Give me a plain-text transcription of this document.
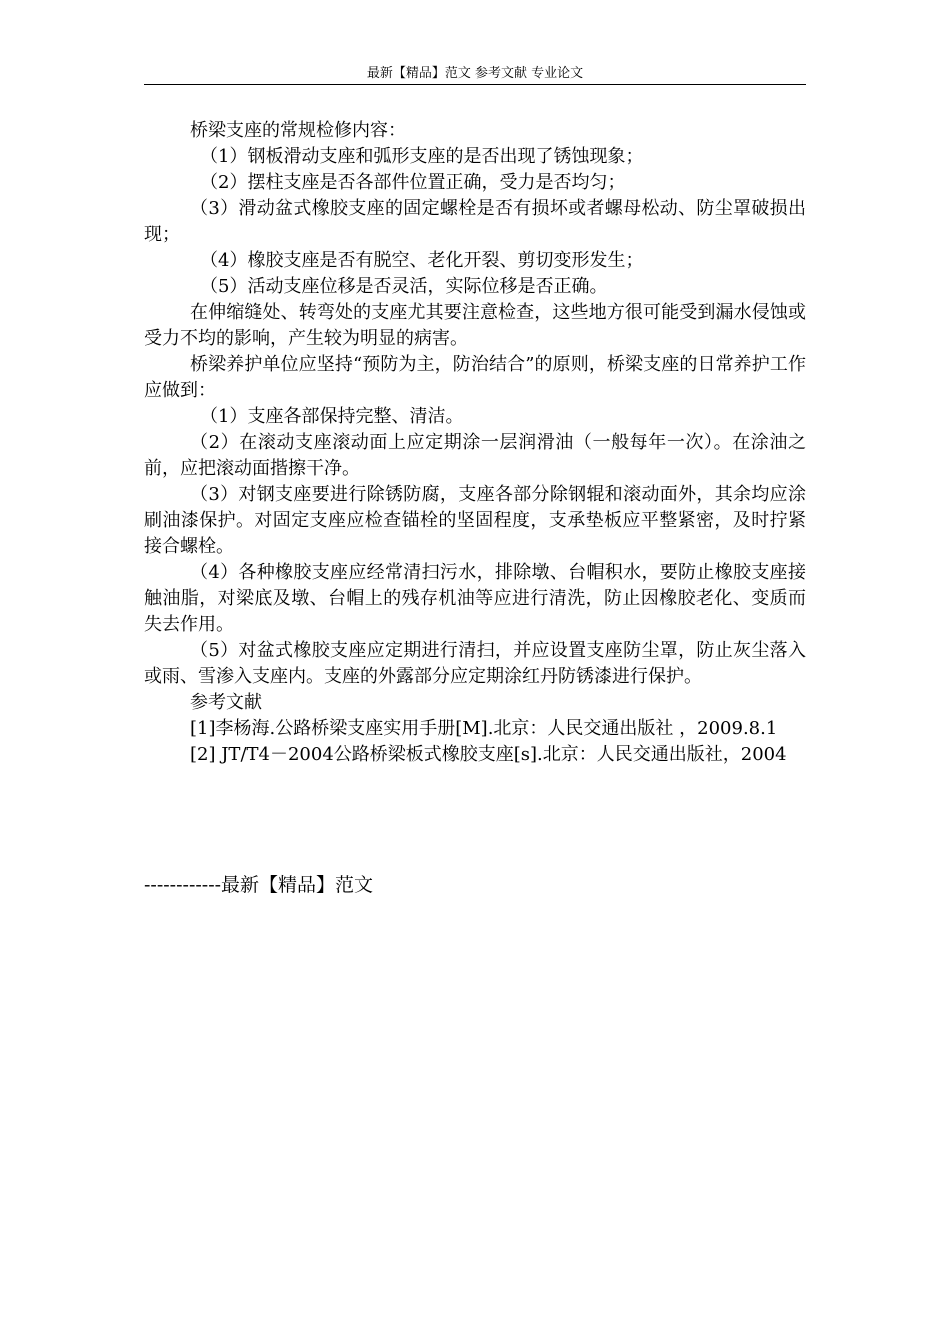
最新【精品】范文 参考文献 专业论文

桥梁支座的常规检修内容：

（1）钢板滑动支座和弧形支座的是否出现了锈蚀现象；

（2）摆柱支座是否各部件位置正确，受力是否均匀；

（3）滑动盆式橡胶支座的固定螺栓是否有损坏或者螺母松动、防尘罩破损出现；

（4）橡胶支座是否有脱空、老化开裂、剪切变形发生；

（5）活动支座位移是否灵活，实际位移是否正确。

在伸缩缝处、转弯处的支座尤其要注意检查，这些地方很可能受到漏水侵蚀或受力不均的影响，产生较为明显的病害。

桥梁养护单位应坚持“预防为主，防治结合”的原则，桥梁支座的日常养护工作应做到：

（1）支座各部保持完整、清洁。

（2）在滚动支座滚动面上应定期涂一层润滑油（一般每年一次）。在涂油之前，应把滚动面揩擦干净。

（3）对钢支座要进行除锈防腐，支座各部分除钢辊和滚动面外，其余均应涂刷油漆保护。对固定支座应检查锚栓的坚固程度，支承垫板应平整紧密，及时拧紧接合螺栓。

（4）各种橡胶支座应经常清扫污水，排除墩、台帽积水，要防止橡胶支座接触油脂，对梁底及墩、台帽上的残存机油等应进行清洗，防止因橡胶老化、变质而失去作用。

（5）对盆式橡胶支座应定期进行清扫，并应设置支座防尘罩，防止灰尘落入或雨、雪渗入支座内。支座的外露部分应定期涂红丹防锈漆进行保护。

参考文献

[1]李杨海.公路桥梁支座实用手册[M].北京：人民交通出版社 ，2009.8.1

[2] JT/T4－2004公路桥梁板式橡胶支座[s].北京：人民交通出版社，2004

------------最新【精品】范文
